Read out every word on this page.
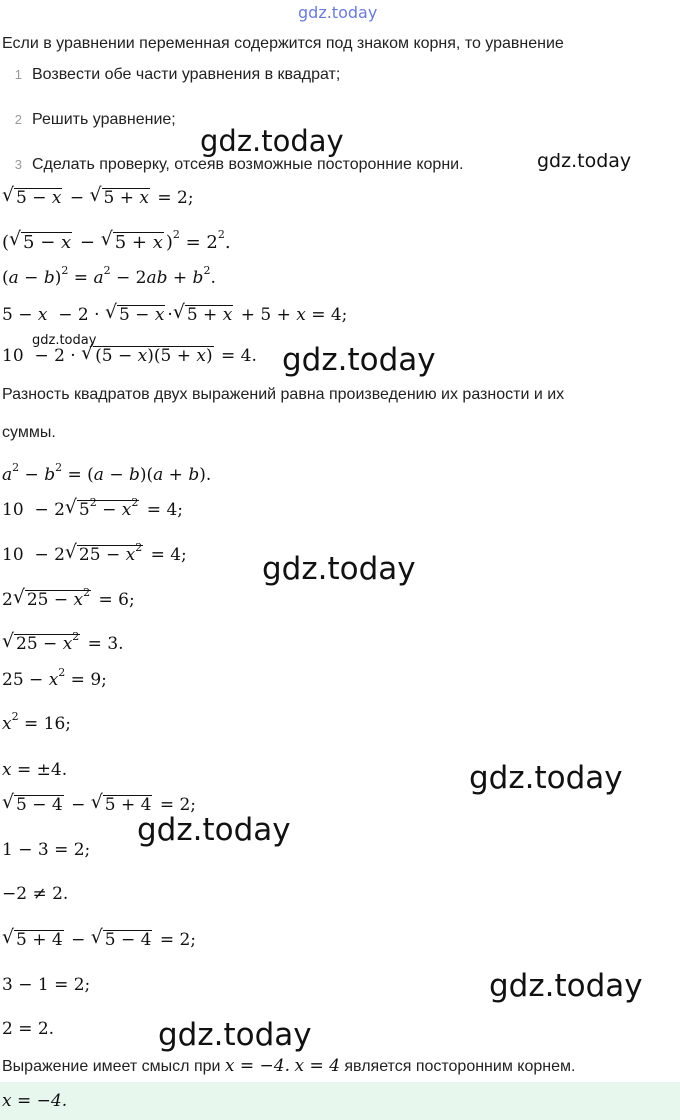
gdz.today
Если в уравнении переменная содержится под знаком корня, то уравнение
1 Возвести обе части уравнения в квадрат;
2 Решить уравнение;
3 Сделать проверку, отсеяв возможные посторонние корни.
√ 5 − x − √ 5 + x = 2;
( √ 5 − x − √ 5 + x )$^2 = 2^2$.
$(a - b)^2 = a^2 - 2ab + b^2$.
5 − x  − 2 · √ 5 − x · √ 5 + x + 5 + x = 4;
10  − 2 · √ (5 − x)(5 + x) = 4.
Разность квадратов двух выражений равна произведению их разности и их
суммы.
$a^2 - b^2 = (a - b)(a + b)$.
10  − 2 √ $5^2 - x^2 = 4$;
10  − 2 √ $25 - x^2 = 4$;
2 √ $25 - x^2 = 6$;
√ $25 - x^2 = 3$.
$25 - x^2 = 9$;
$x^2 = 16$;
x = ±4.
√ 5 − 4 − √ 5 + 4 = 2;
1 − 3 = 2;
−2 ≠ 2.
√ 5 + 4 − √ 5 − 4 = 2;
3 − 1 = 2;
2 = 2.
Выражение имеет смысл при x = −4. x = 4 является посторонним корнем.
x = −4.
gdz.today
gdz.today
gdz.today
gdz.today
gdz.today
gdz.today
gdz.today
gdz.today
gdz.today
